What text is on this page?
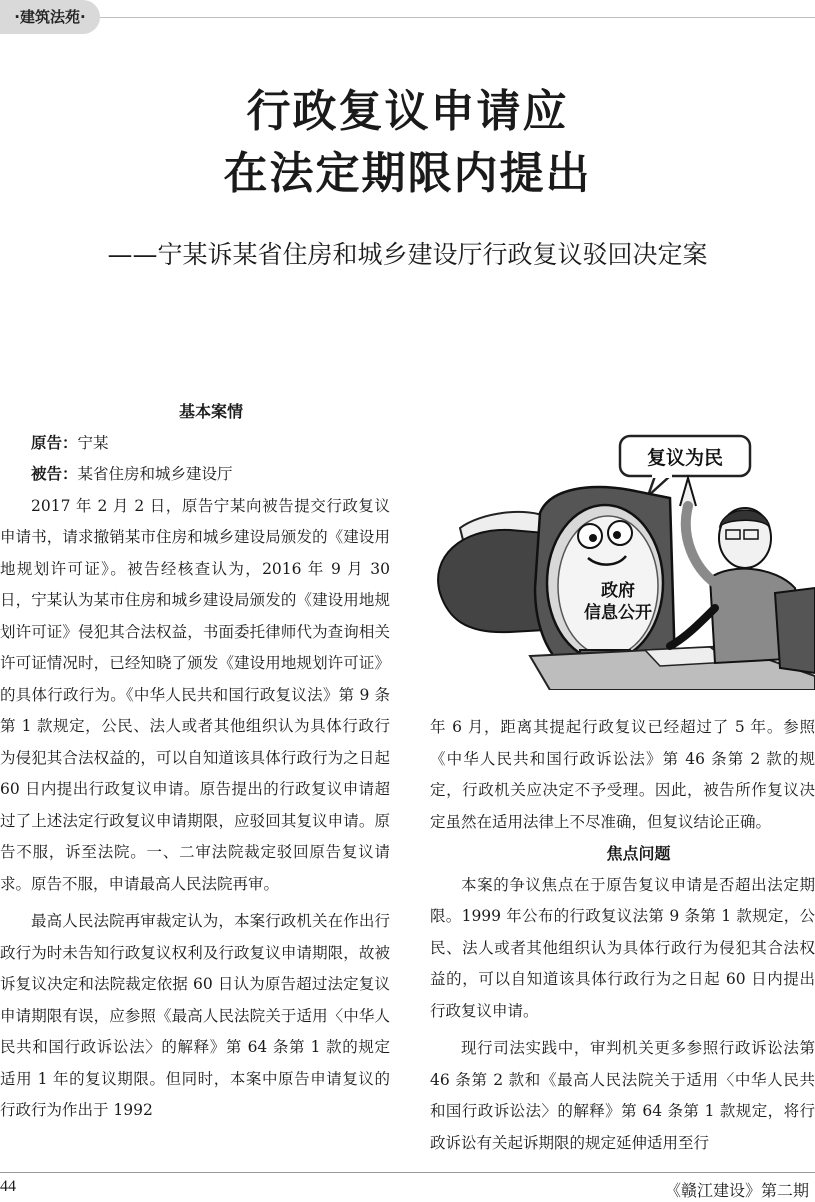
·建筑法苑·
行政复议申请应
在法定期限内提出
——宁某诉某省住房和城乡建设厅行政复议驳回决定案

基本案情

原告：宁某

被告：某省住房和城乡建设厅

2017 年 2 月 2 日，原告宁某向被告提交行政复议申请书，请求撤销某市住房和城乡建设局颁发的《建设用地规划许可证》。被告经核查认为，2016 年 9 月 30 日，宁某认为某市住房和城乡建设局颁发的《建设用地规划许可证》侵犯其合法权益，书面委托律师代为查询相关许可证情况时，已经知晓了颁发《建设用地规划许可证》的具体行政行为。《中华人民共和国行政复议法》第 9 条第 1 款规定，公民、法人或者其他组织认为具体行政行为侵犯其合法权益的，可以自知道该具体行政行为之日起 60 日内提出行政复议申请。原告提出的行政复议申请超过了上述法定行政复议申请期限，应驳回其复议申请。原告不服，诉至法院。一、二审法院裁定驳回原告复议请求。原告不服，申请最高人民法院再审。

最高人民法院再审裁定认为，本案行政机关在作出行政行为时未告知行政复议权利及行政复议申请期限，故被诉复议决定和法院裁定依据 60 日认为原告超过法定复议申请期限有误，应参照《最高人民法院关于适用〈中华人民共和国行政诉讼法〉的解释》第 64 条第 1 款的规定适用 1 年的复议期限。但同时，本案中原告申请复议的行政行为作出于 1992

复议为民
政府
信息公开

年 6 月，距离其提起行政复议已经超过了 5 年。参照《中华人民共和国行政诉讼法》第 46 条第 2 款的规定，行政机关应决定不予受理。因此，被告所作复议决定虽然在适用法律上不尽准确，但复议结论正确。

焦点问题

本案的争议焦点在于原告复议申请是否超出法定期限。1999 年公布的行政复议法第 9 条第 1 款规定，公民、法人或者其他组织认为具体行政行为侵犯其合法权益的，可以自知道该具体行政行为之日起 60 日内提出行政复议申请。

现行司法实践中，审判机关更多参照行政诉讼法第 46 条第 2 款和《最高人民法院关于适用〈中华人民共和国行政诉讼法〉的解释》第 64 条第 1 款规定，将行政诉讼有关起诉期限的规定延伸适用至行

44	《赣江建设》第二期
